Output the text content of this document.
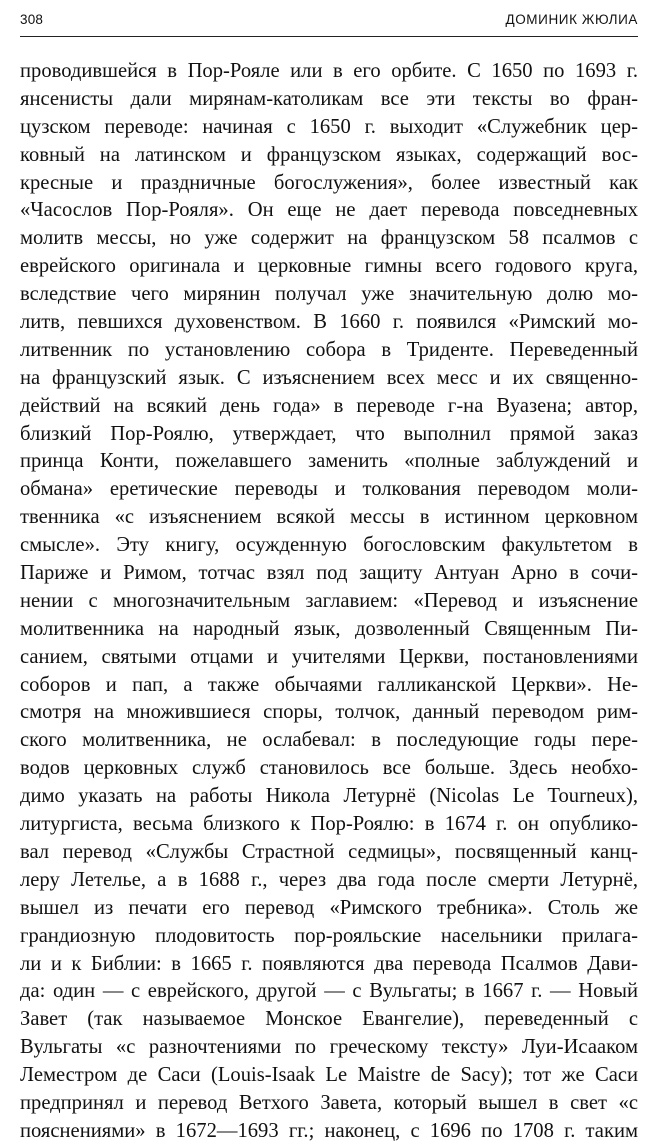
308	ДОМИНИК ЖЮЛИА
проводившейся в Пор-Рояле или в его орбите. С 1650 по 1693 г.
янсенисты дали мирянам-католикам все эти тексты во фран-
цузском переводе: начиная с 1650 г. выходит «Служебник цер-
ковный на латинском и французском языках, содержащий вос-
кресные и праздничные богослужения», более известный как
«Часослов Пор-Рояля». Он еще не дает перевода повседневных
молитв мессы, но уже содержит на французском 58 псалмов с
еврейского оригинала и церковные гимны всего годового круга,
вследствие чего мирянин получал уже значительную долю мо-
литв, певшихся духовенством. В 1660 г. появился «Римский мо-
литвенник по установлению собора в Триденте. Переведенный
на французский язык. С изъяснением всех месс и их священно-
действий на всякий день года» в переводе г-на Вуазена; автор,
близкий Пор-Роялю, утверждает, что выполнил прямой заказ
принца Конти, пожелавшего заменить «полные заблуждений и
обмана» еретические переводы и толкования переводом моли-
твенника «с изъяснением всякой мессы в истинном церковном
смысле». Эту книгу, осужденную богословским факультетом в
Париже и Римом, тотчас взял под защиту Антуан Арно в сочи-
нении с многозначительным заглавием: «Перевод и изъяснение
молитвенника на народный язык, дозволенный Священным Пи-
санием, святыми отцами и учителями Церкви, постановлениями
соборов и пап, а также обычаями галликанской Церкви». Не-
смотря на множившиеся споры, толчок, данный переводом рим-
ского молитвенника, не ослабевал: в последующие годы пере-
водов церковных служб становилось все больше. Здесь необхо-
димо указать на работы Никола Летурнё (Nicolas Le Tourneux),
литургиста, весьма близкого к Пор-Роялю: в 1674 г. он опублико-
вал перевод «Службы Страстной седмицы», посвященный канц-
леру Летелье, а в 1688 г., через два года после смерти Летурнё,
вышел из печати его перевод «Римского требника». Столь же
грандиозную плодовитость пор-рояльские насельники прилага-
ли и к Библии: в 1665 г. появляются два перевода Псалмов Дави-
да: один — с еврейского, другой — с Вульгаты; в 1667 г. — Новый
Завет (так называемое Монское Евангелие), переведенный с
Вульгаты «с разночтениями по греческому тексту» Луи-Исааком
Леместром де Саси (Louis-Isaak Le Maistre de Sacy); тот же Саси
предпринял и перевод Ветхого Завета, который вышел в свет «с
пояснениями» в 1672—1693 гг.; наконец, с 1696 по 1708 г. таким
